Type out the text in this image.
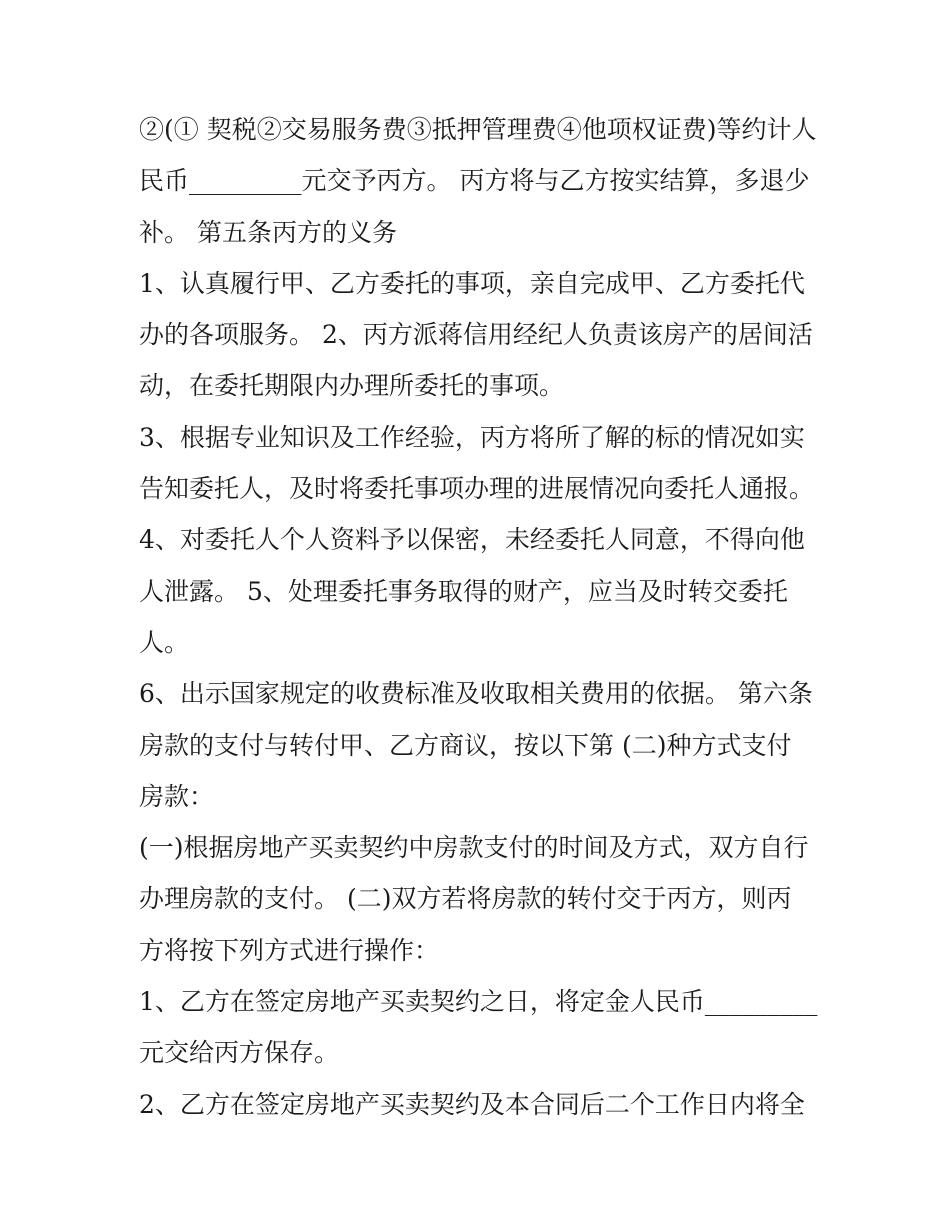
②(① 契税②交易服务费③抵押管理费④他项权证费)等约计人
民币_________元交予丙方。 丙方将与乙方按实结算，多退少
补。 第五条丙方的义务
1、认真履行甲、乙方委托的事项，亲自完成甲、乙方委托代
办的各项服务。 2、丙方派蒋信用经纪人负责该房产的居间活
动，在委托期限内办理所委托的事项。
3、根据专业知识及工作经验，丙方将所了解的标的情况如实
告知委托人，及时将委托事项办理的进展情况向委托人通报。
4、对委托人个人资料予以保密，未经委托人同意，不得向他
人泄露。 5、处理委托事务取得的财产，应当及时转交委托
人。
6、出示国家规定的收费标准及收取相关费用的依据。 第六条
房款的支付与转付甲、乙方商议，按以下第 (二)种方式支付
房款：
(一)根据房地产买卖契约中房款支付的时间及方式，双方自行
办理房款的支付。 (二)双方若将房款的转付交于丙方，则丙
方将按下列方式进行操作：
1、乙方在签定房地产买卖契约之日，将定金人民币_________
元交给丙方保存。
2、乙方在签定房地产买卖契约及本合同后二个工作日内将全
